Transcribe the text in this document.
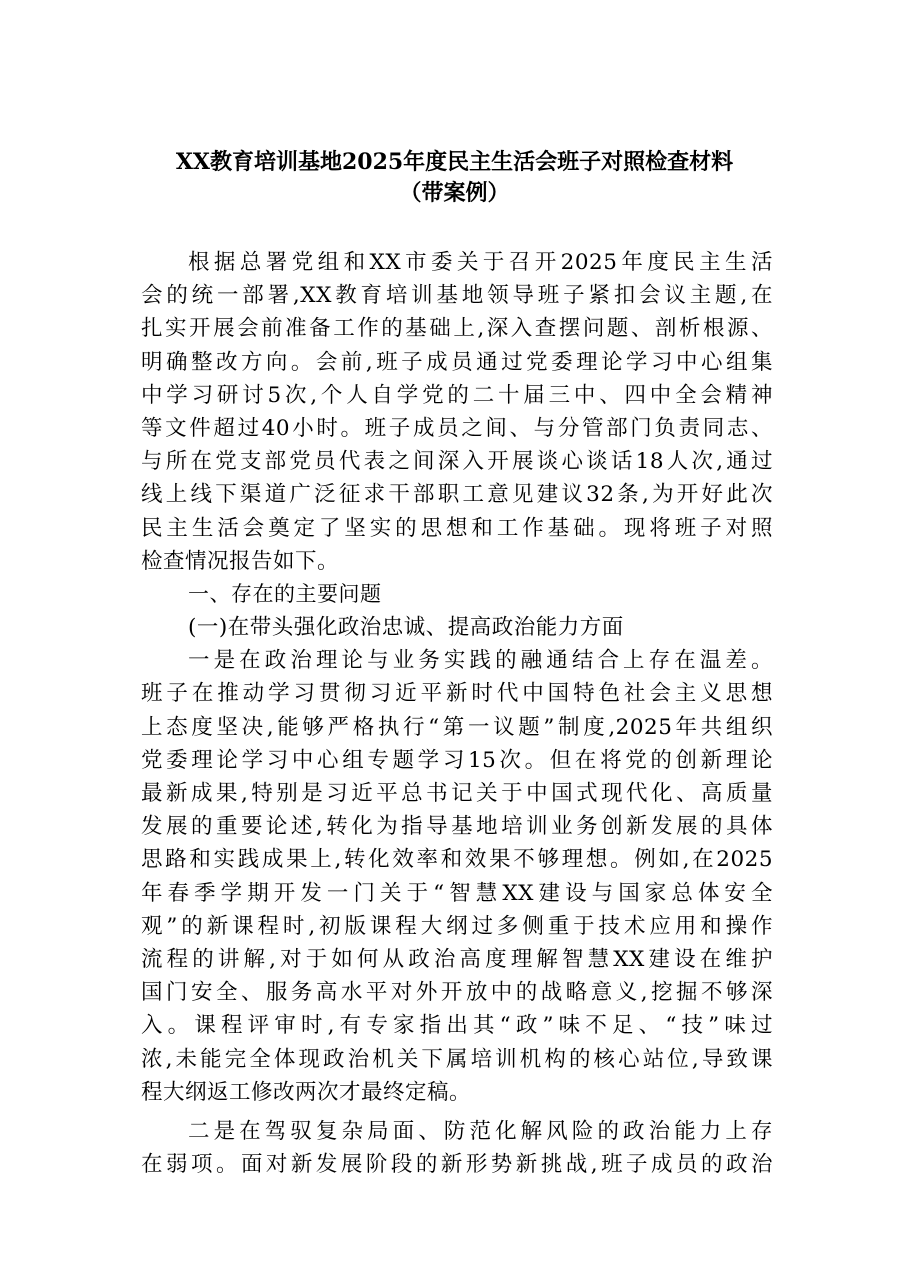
XX教育培训基地2025年度民主生活会班子对照检查材料
（带案例）
根据总署党组和XX市委关于召开2025年度民主生活
会的统一部署,XX教育培训基地领导班子紧扣会议主题,在
扎实开展会前准备工作的基础上,深入查摆问题、剖析根源、
明确整改方向。会前,班子成员通过党委理论学习中心组集
中学习研讨5次,个人自学党的二十届三中、四中全会精神
等文件超过40小时。班子成员之间、与分管部门负责同志、
与所在党支部党员代表之间深入开展谈心谈话18人次,通过
线上线下渠道广泛征求干部职工意见建议32条,为开好此次
民主生活会奠定了坚实的思想和工作基础。现将班子对照
检查情况报告如下。
一、存在的主要问题
(一)在带头强化政治忠诚、提高政治能力方面
一是在政治理论与业务实践的融通结合上存在温差。
班子在推动学习贯彻习近平新时代中国特色社会主义思想
上态度坚决,能够严格执行“第一议题”制度,2025年共组织
党委理论学习中心组专题学习15次。但在将党的创新理论
最新成果,特别是习近平总书记关于中国式现代化、高质量
发展的重要论述,转化为指导基地培训业务创新发展的具体
思路和实践成果上,转化效率和效果不够理想。例如,在2025
年春季学期开发一门关于“智慧XX建设与国家总体安全
观”的新课程时,初版课程大纲过多侧重于技术应用和操作
流程的讲解,对于如何从政治高度理解智慧XX建设在维护
国门安全、服务高水平对外开放中的战略意义,挖掘不够深
入。课程评审时,有专家指出其“政”味不足、“技”味过
浓,未能完全体现政治机关下属培训机构的核心站位,导致课
程大纲返工修改两次才最终定稿。
二是在驾驭复杂局面、防范化解风险的政治能力上存
在弱项。面对新发展阶段的新形势新挑战,班子成员的政治
